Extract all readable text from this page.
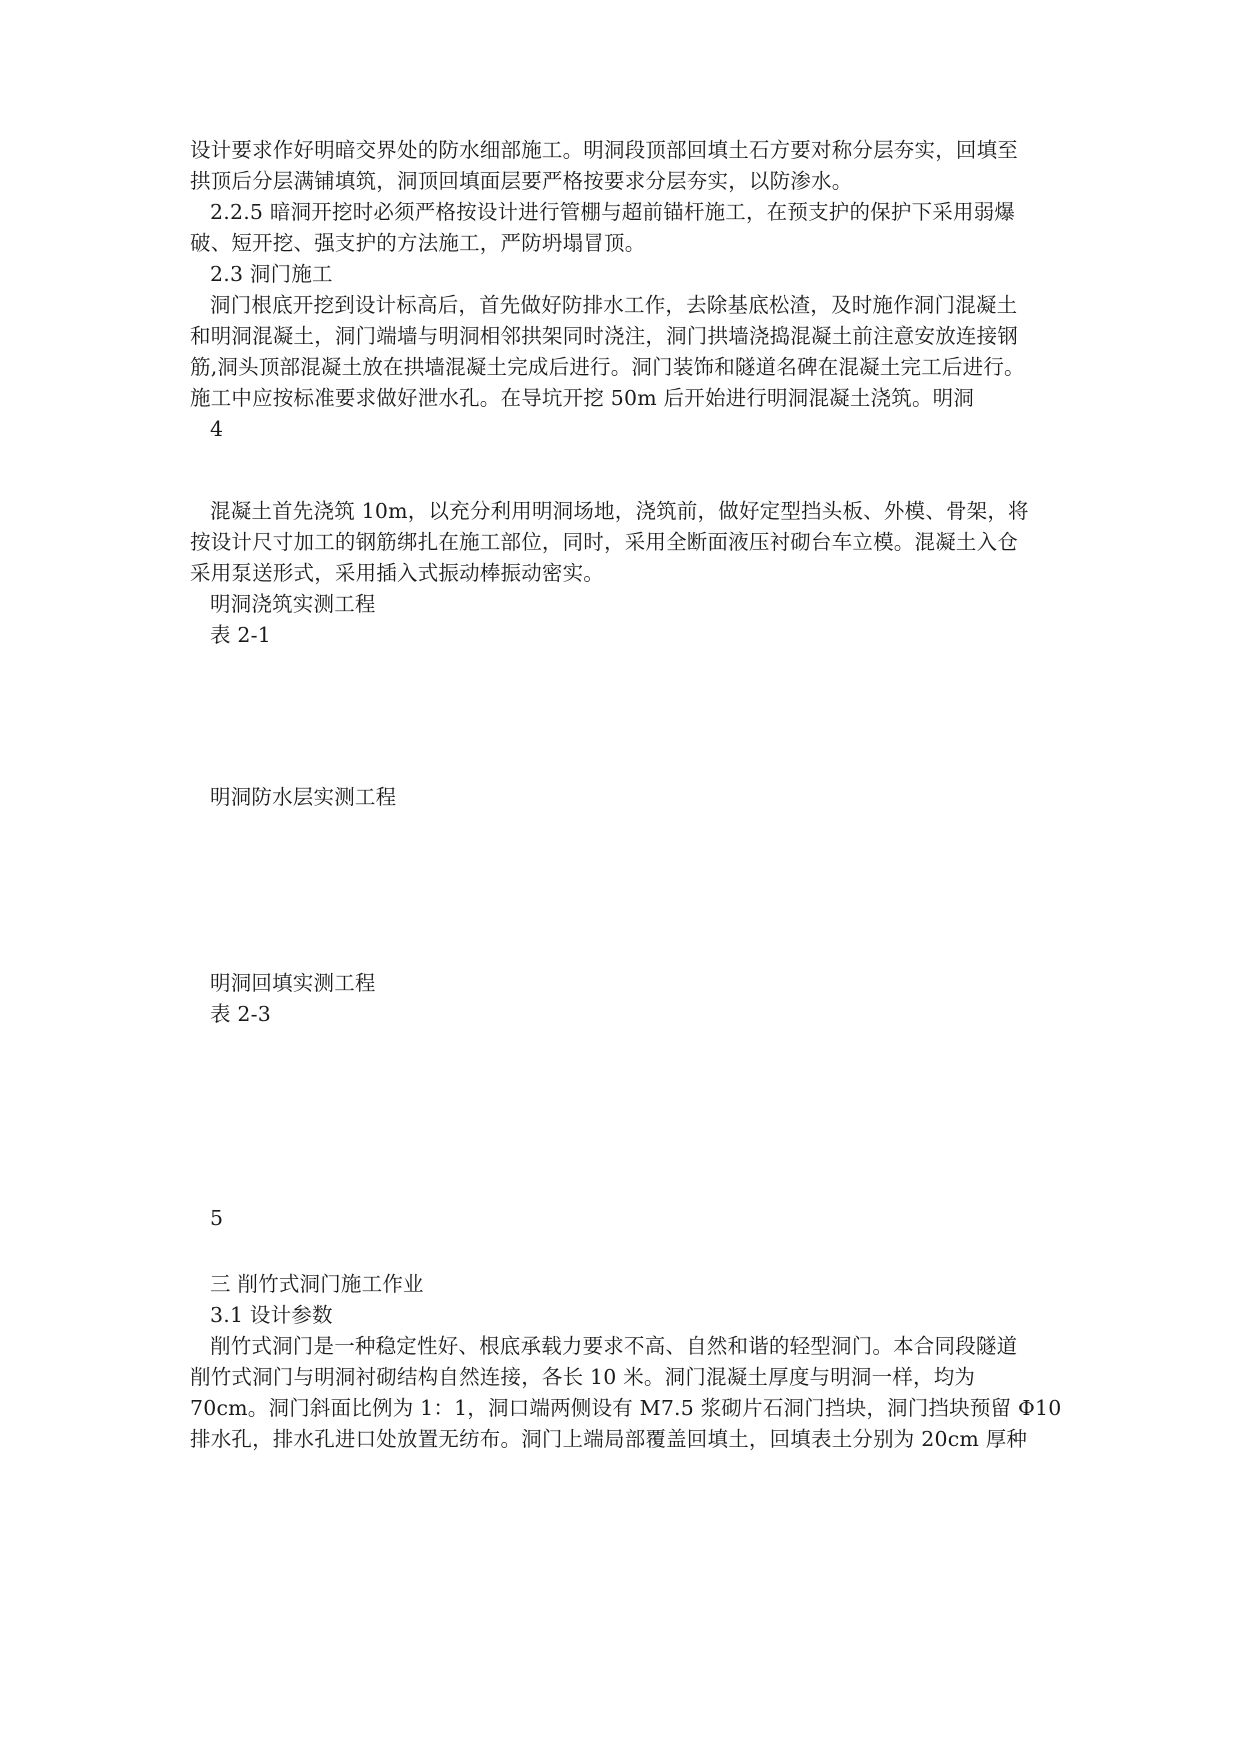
设计要求作好明暗交界处的防水细部施工。明洞段顶部回填土石方要对称分层夯实，回填至
拱顶后分层满铺填筑，洞顶回填面层要严格按要求分层夯实，以防渗水。
2.2.5 暗洞开挖时必须严格按设计进行管棚与超前锚杆施工，在预支护的保护下采用弱爆
破、短开挖、强支护的方法施工，严防坍塌冒顶。
2.3 洞门施工
洞门根底开挖到设计标高后，首先做好防排水工作，去除基底松渣，及时施作洞门混凝土
和明洞混凝土，洞门端墙与明洞相邻拱架同时浇注，洞门拱墙浇捣混凝土前注意安放连接钢
筋,洞头顶部混凝土放在拱墙混凝土完成后进行。洞门装饰和隧道名碑在混凝土完工后进行。
施工中应按标准要求做好泄水孔。在导坑开挖 50m 后开始进行明洞混凝土浇筑。明洞
4
混凝土首先浇筑 10m，以充分利用明洞场地，浇筑前，做好定型挡头板、外模、骨架，将
按设计尺寸加工的钢筋绑扎在施工部位，同时，采用全断面液压衬砌台车立模。混凝土入仓
采用泵送形式，采用插入式振动棒振动密实。
明洞浇筑实测工程
表 2-1
明洞防水层实测工程
明洞回填实测工程
表 2-3
5
三 削竹式洞门施工作业
3.1 设计参数
削竹式洞门是一种稳定性好、根底承载力要求不高、自然和谐的轻型洞门。本合同段隧道
削竹式洞门与明洞衬砌结构自然连接，各长 10 米。洞门混凝土厚度与明洞一样，均为
70cm。洞门斜面比例为 1：1，洞口端两侧设有 M7.5 浆砌片石洞门挡块，洞门挡块预留 Φ10
排水孔，排水孔进口处放置无纺布。洞门上端局部覆盖回填土，回填表土分别为 20cm 厚种
